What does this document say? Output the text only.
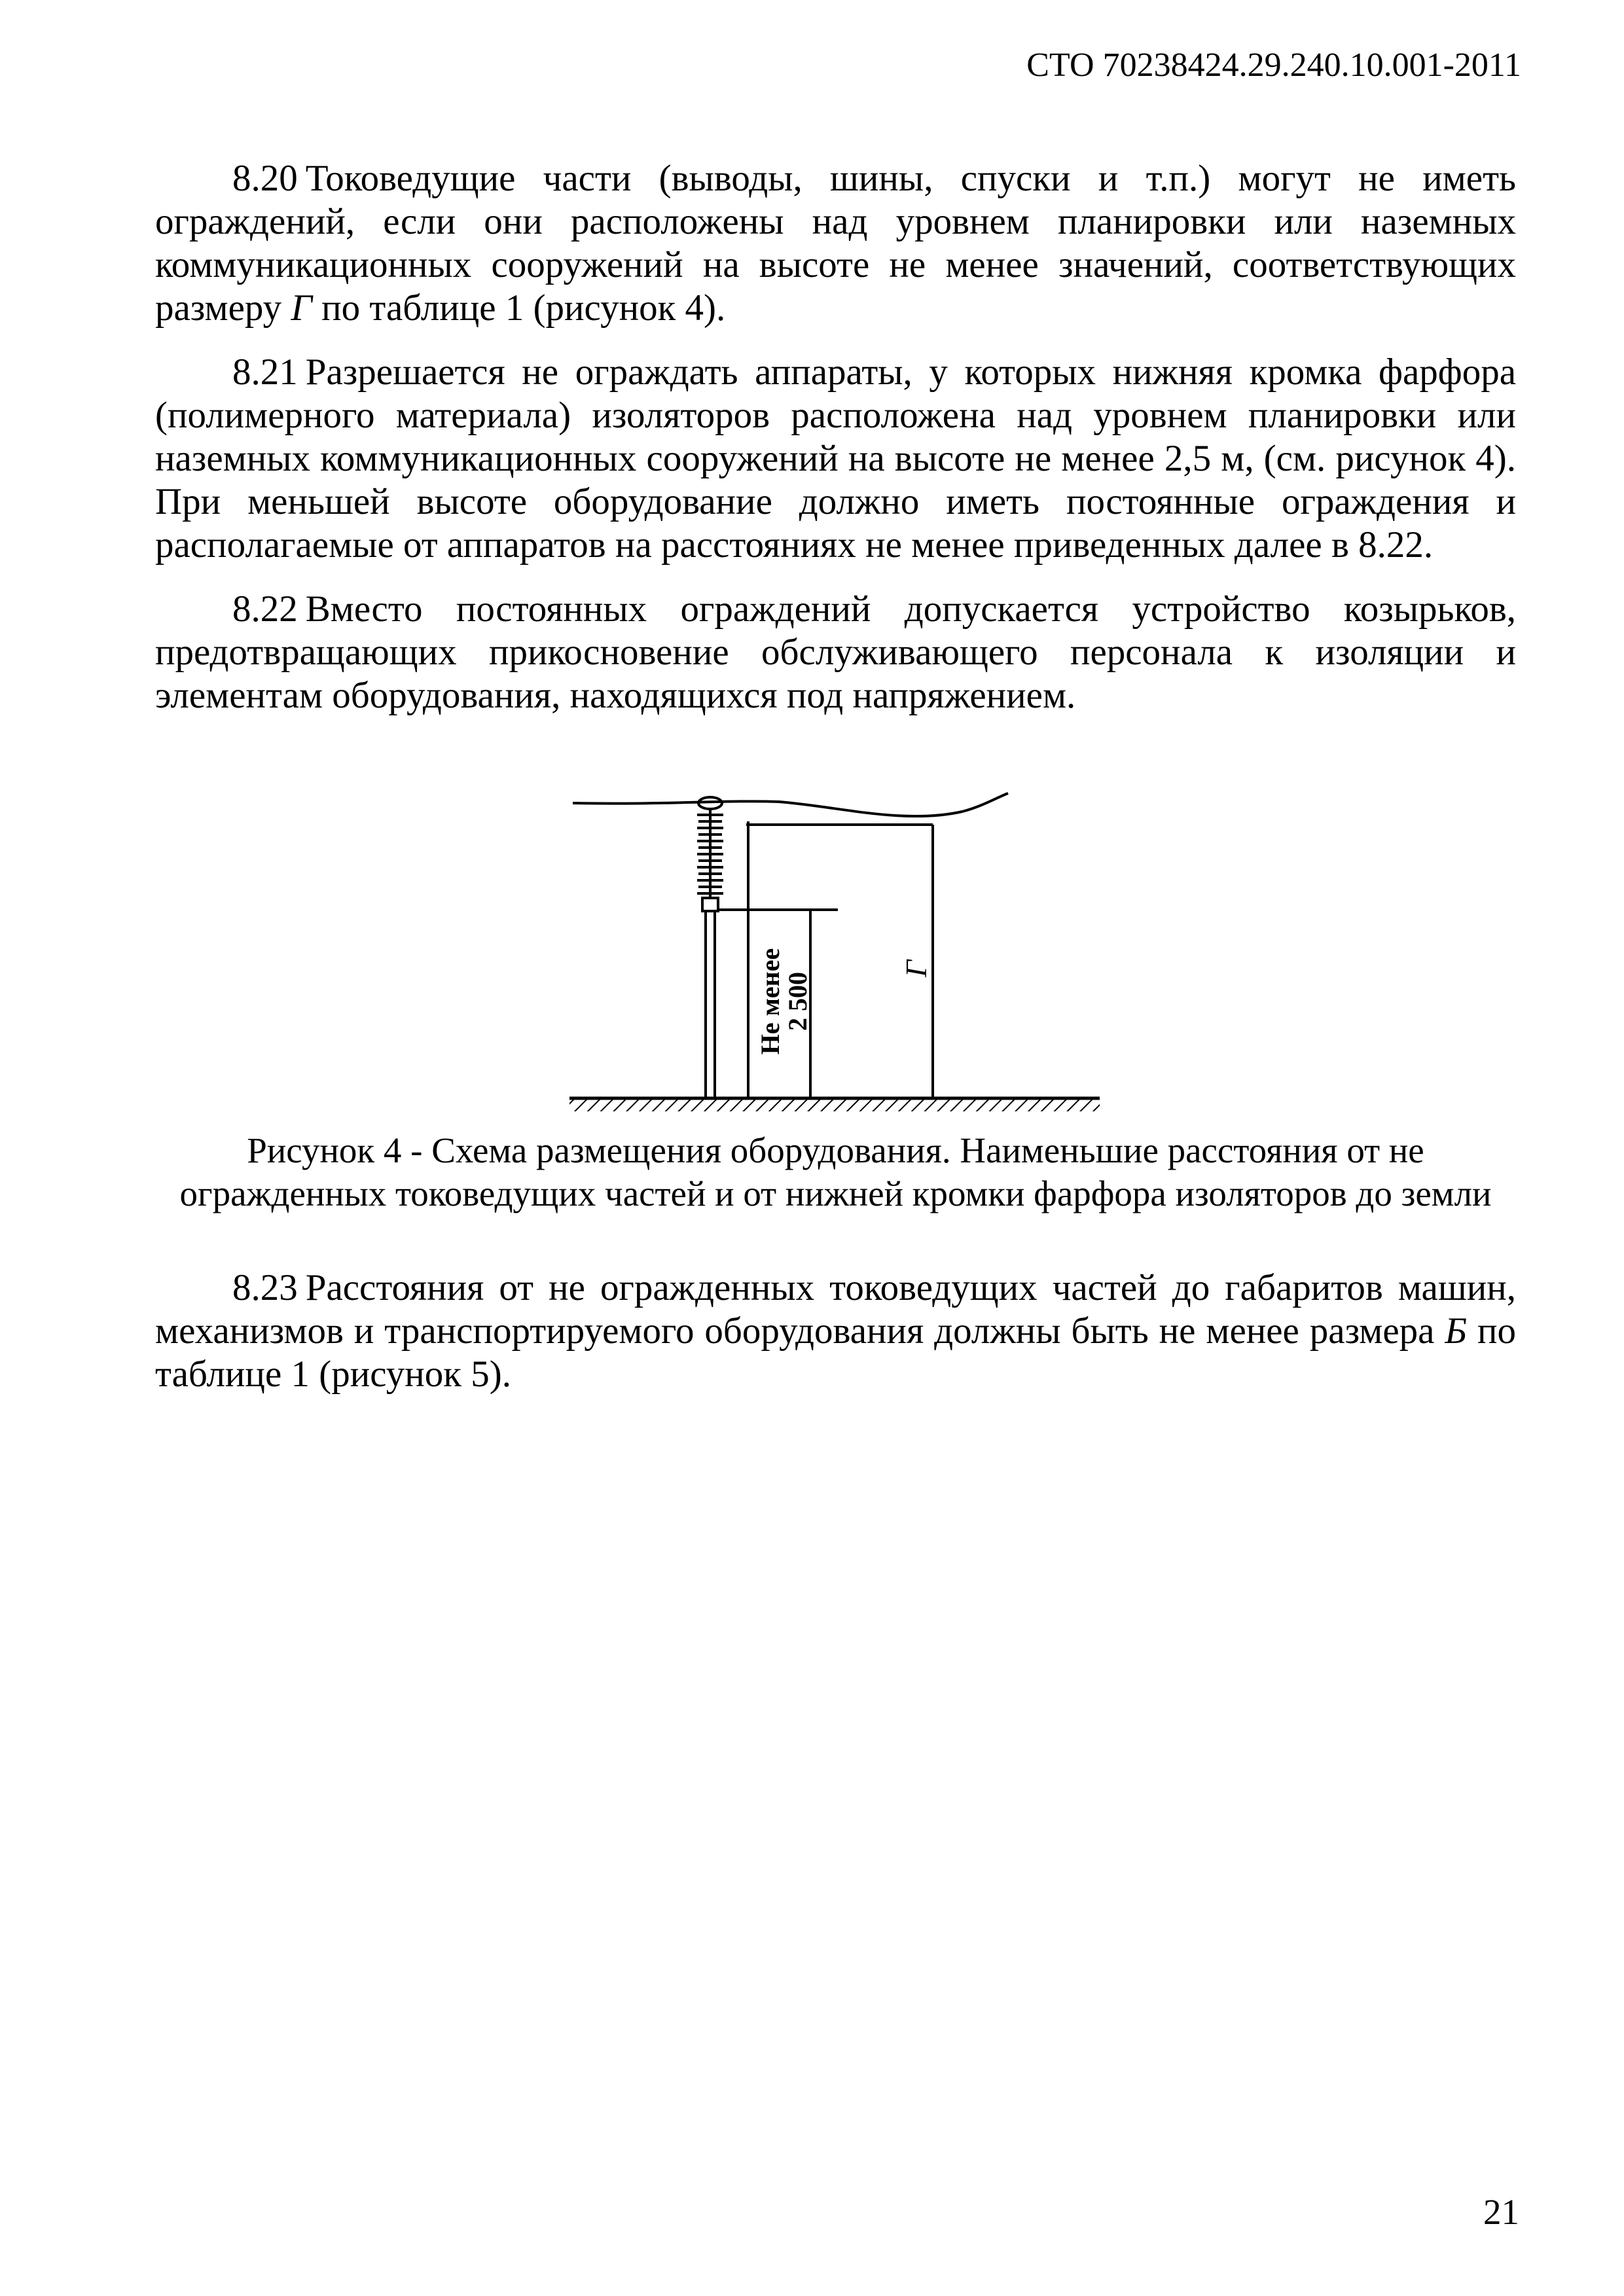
СТО 70238424.29.240.10.001-2011

8.20 Токоведущие части (выводы, шины, спуски и т.п.) могут не иметь ограждений, если они расположены над уровнем планировки или наземных коммуникационных сооружений на высоте не менее значений, соответствующих размеру Г по таблице 1 (рисунок 4).

8.21 Разрешается не ограждать аппараты, у которых нижняя кромка фарфора (полимерного материала) изоляторов расположена над уровнем планировки или наземных коммуникационных сооружений на высоте не менее 2,5 м, (см. рисунок 4). При меньшей высоте оборудование должно иметь постоянные ограждения и располагаемые от аппаратов на расстояниях не менее приведенных далее в 8.22.

8.22 Вместо постоянных ограждений допускается устройство козырьков, предотвращающих прикосновение обслуживающего персонала к изоляции и элементам оборудования, находящихся под напряжением.

Не менее
2 500
Г
Рисунок 4 - Схема размещения оборудования. Наименьшие расстояния от не огражденных токоведущих частей и от нижней кромки фарфора изоляторов до земли

8.23 Расстояния от не огражденных токоведущих частей до габаритов машин, механизмов и транспортируемого оборудования должны быть не менее размера Б по таблице 1 (рисунок 5).

21
